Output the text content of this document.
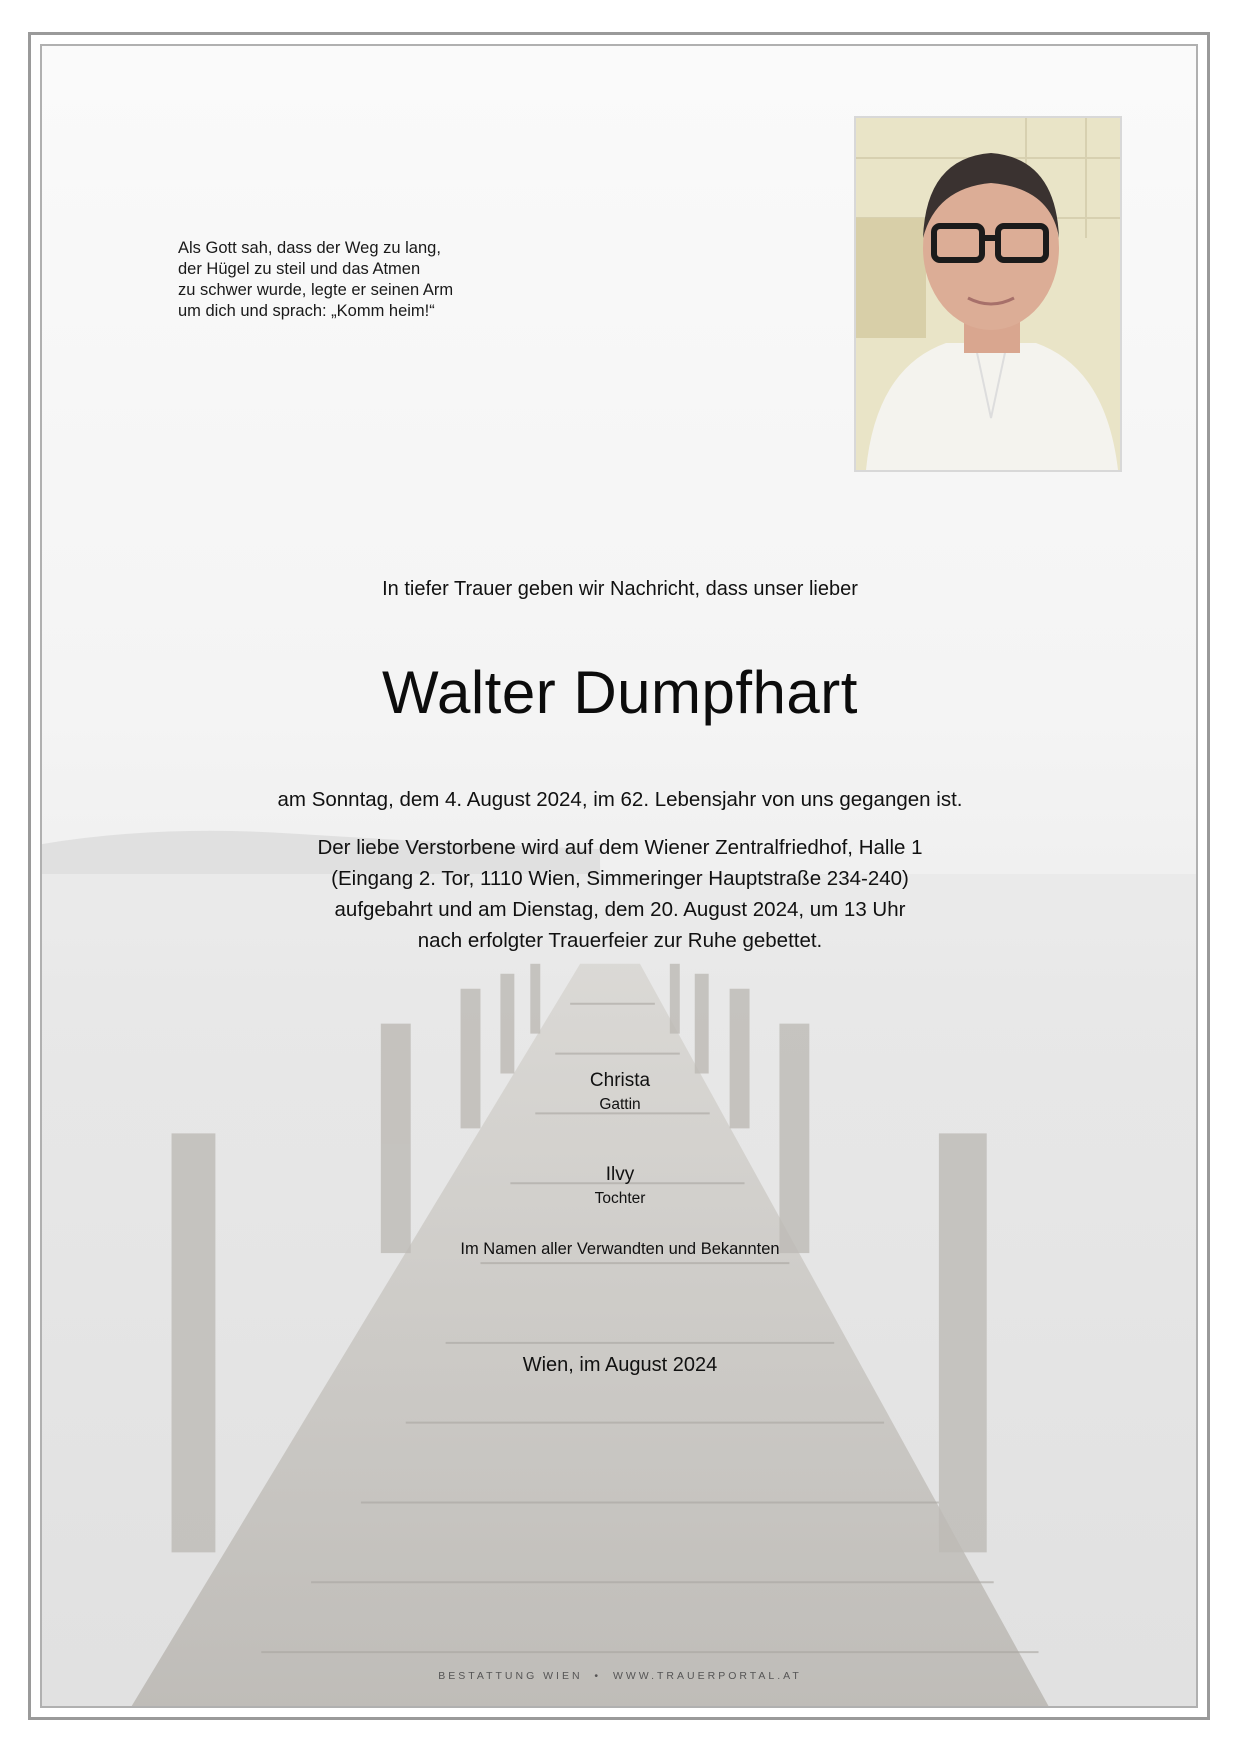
Als Gott sah, dass der Weg zu lang,
der Hügel zu steil und das Atmen
zu schwer wurde, legte er seinen Arm
um dich und sprach: „Komm heim!“
In tiefer Trauer geben wir Nachricht, dass unser lieber
Walter Dumpfhart
am Sonntag, dem 4. August 2024, im 62. Lebensjahr von uns gegangen ist.
Der liebe Verstorbene wird auf dem Wiener Zentralfriedhof, Halle 1
(Eingang 2. Tor, 1110 Wien, Simmeringer Hauptstraße 234-240)
aufgebahrt und am Dienstag, dem 20. August 2024, um 13 Uhr
nach erfolgter Trauerfeier zur Ruhe gebettet.
Christa
Gattin
Ilvy
Tochter
Im Namen aller Verwandten und Bekannten
Wien, im August 2024
BESTATTUNG WIEN • WWW.TRAUERPORTAL.AT
